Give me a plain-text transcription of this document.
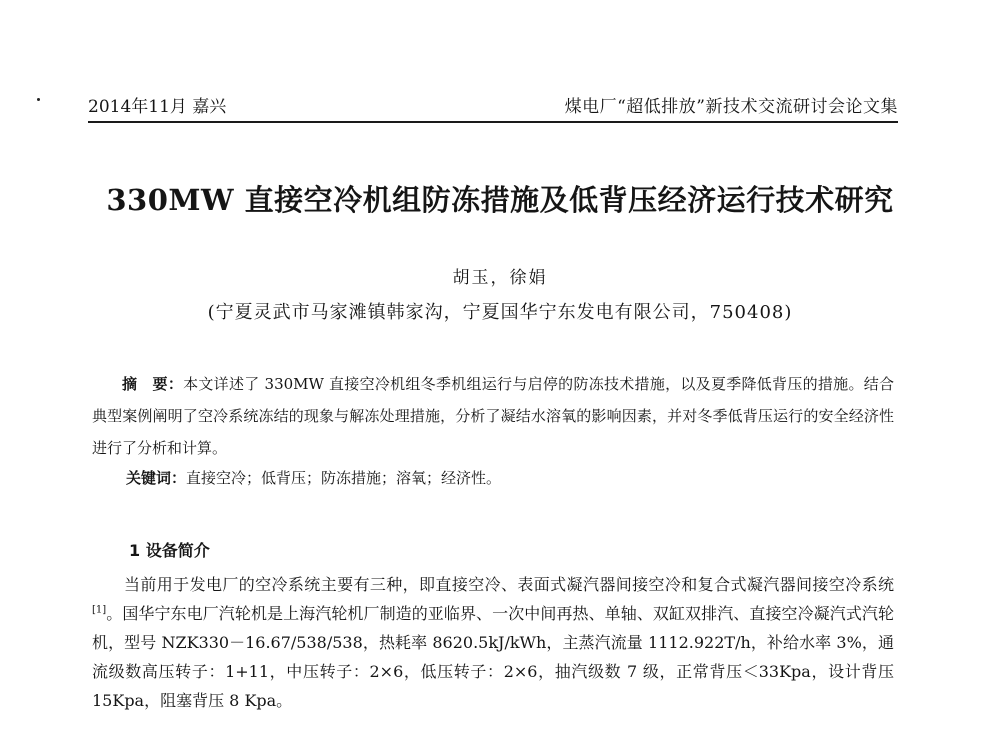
2014年11月 嘉兴	煤电厂“超低排放”新技术交流研讨会论文集
330MW 直接空冷机组防冻措施及低背压经济运行技术研究
胡玉，徐娟
(宁夏灵武市马家滩镇韩家沟，宁夏国华宁东发电有限公司，750408)
摘　要：本文详述了 330MW 直接空冷机组冬季机组运行与启停的防冻技术措施，以及夏季降低背压的措施。结合典型案例阐明了空冷系统冻结的现象与解冻处理措施，分析了凝结水溶氧的影响因素，并对冬季低背压运行的安全经济性进行了分析和计算。
关键词：直接空冷；低背压；防冻措施；溶氧；经济性。
1 设备简介
当前用于发电厂的空冷系统主要有三种，即直接空冷、表面式凝汽器间接空冷和复合式凝汽器间接空冷系统[1]。国华宁东电厂汽轮机是上海汽轮机厂制造的亚临界、一次中间再热、单轴、双缸双排汽、直接空冷凝汽式汽轮机，型号 NZK330－16.67/538/538，热耗率 8620.5kJ/kWh，主蒸汽流量 1112.922T/h，补给水率 3%，通流级数高压转子：1+11，中压转子：2×6，低压转子：2×6，抽汽级数 7 级，正常背压＜33Kpa，设计背压 15Kpa，阻塞背压 8 Kpa。
